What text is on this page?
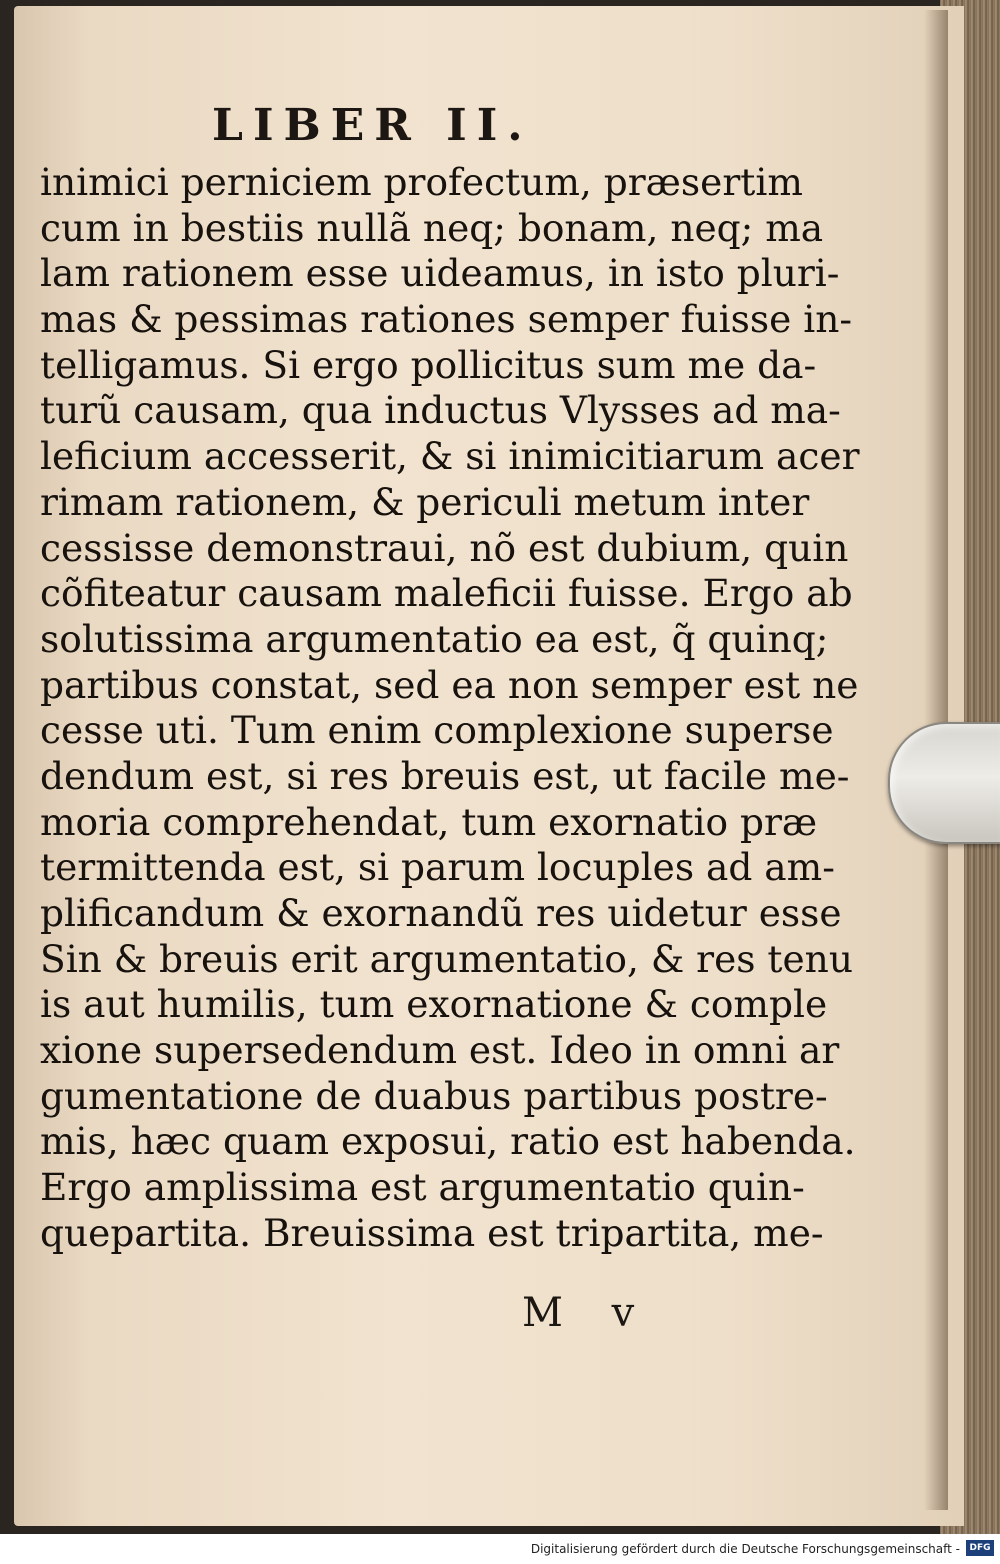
LIBER II.
inimici perniciem profectum, præsertim
cum in bestiis nullã neq; bonam, neq; ma
lam rationem esse uideamus, in isto pluri-
mas & pessimas rationes semper fuisse in-
telligamus. Si ergo pollicitus sum me da-
turũ causam, qua inductus Vlysses ad ma-
leficium accesserit, & si inimicitiarum acer
rimam rationem, & periculi metum inter
cessisse demonstraui, nõ est dubium, quin
cõfiteatur causam maleficii fuisse. Ergo ab
solutissima argumentatio ea est, q̃ quinq;
partibus constat, sed ea non semper est ne
cesse uti. Tum enim complexione superse
dendum est, si res breuis est, ut facile me-
moria comprehendat, tum exornatio præ
termittenda est, si parum locuples ad am-
plificandum & exornandũ res uidetur esse
Sin & breuis erit argumentatio, & res tenu
is aut humilis, tum exornatione & comple
xione supersedendum est. Ideo in omni ar
gumentatione de duabus partibus postre-
mis, hæc quam exposui, ratio est habenda.
Ergo amplissima est argumentatio quin-
quepartita. Breuissima est tripartita, me-
M v
Digitalisierung gefördert durch die Deutsche Forschungsgemeinschaft -	DFG
